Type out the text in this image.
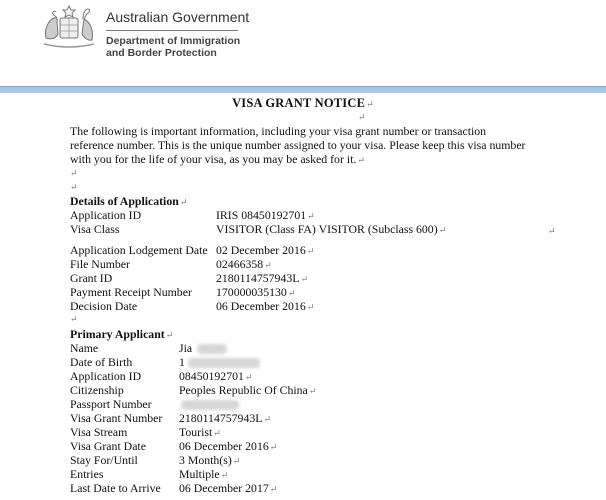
Australian Government
Department of Immigration
and Border Protection
VISA GRANT NOTICE↵
↵
The following is important information, including your visa grant number or transaction reference number. This is the unique number assigned to your visa. Please keep this visa number with you for the life of your visa, as you may be asked for it.↵
↵
↵
Details of Application↵
Application ID	IRIS 08450192701↵
Visa Class	VISITOR (Class FA) VISITOR (Subclass 600)↵	↵
Application Lodgement Date 02 December 2016↵
File Number	02466358↵
Grant ID	2180114757943L↵
Payment Receipt Number 170000035130↵
Decision Date	06 December 2016↵
↵
Primary Applicant↵
Name	Jia
Date of Birth	1
Application ID	08450192701↵
Citizenship	Peoples Republic Of China↵
Passport Number
Visa Grant Number 2180114757943L↵
Visa Stream	Tourist↵
Visa Grant Date	06 December 2016↵
Stay For/Until	3 Month(s)↵
Entries	Multiple↵
Last Date to Arrive 06 December 2017↵
